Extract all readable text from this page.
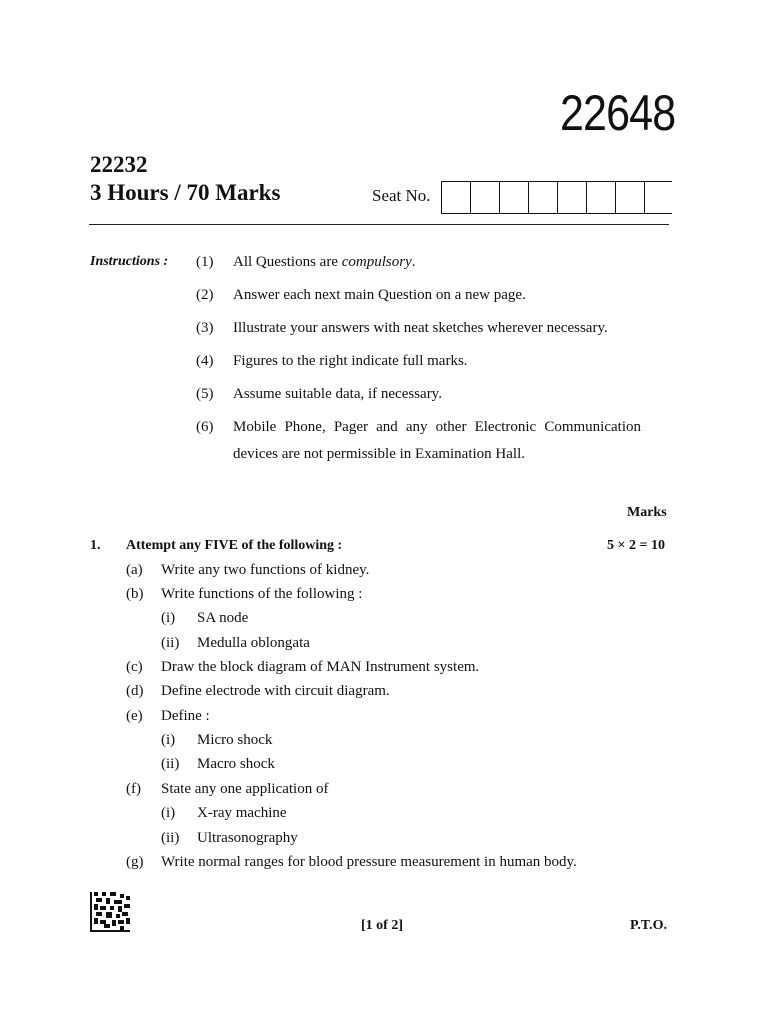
22648
22232
3 Hours / 70 Marks	Seat No.
Instructions : (1) All Questions are compulsory.
(2) Answer each next main Question on a new page.
(3) Illustrate your answers with neat sketches wherever necessary.
(4) Figures to the right indicate full marks.
(5) Assume suitable data, if necessary.
(6) Mobile Phone, Pager and any other Electronic Communication
devices are not permissible in Examination Hall.
Marks
1. Attempt any FIVE of the following :	5 × 2 = 10
(a) Write any two functions of kidney.
(b) Write functions of the following :
(i) SA node
(ii) Medulla oblongata
(c) Draw the block diagram of MAN Instrument system.
(d) Define electrode with circuit diagram.
(e) Define :
(i) Micro shock
(ii) Macro shock
(f) State any one application of
(i) X-ray machine
(ii) Ultrasonography
(g) Write normal ranges for blood pressure measurement in human body.
[1 of 2]	P.T.O.
